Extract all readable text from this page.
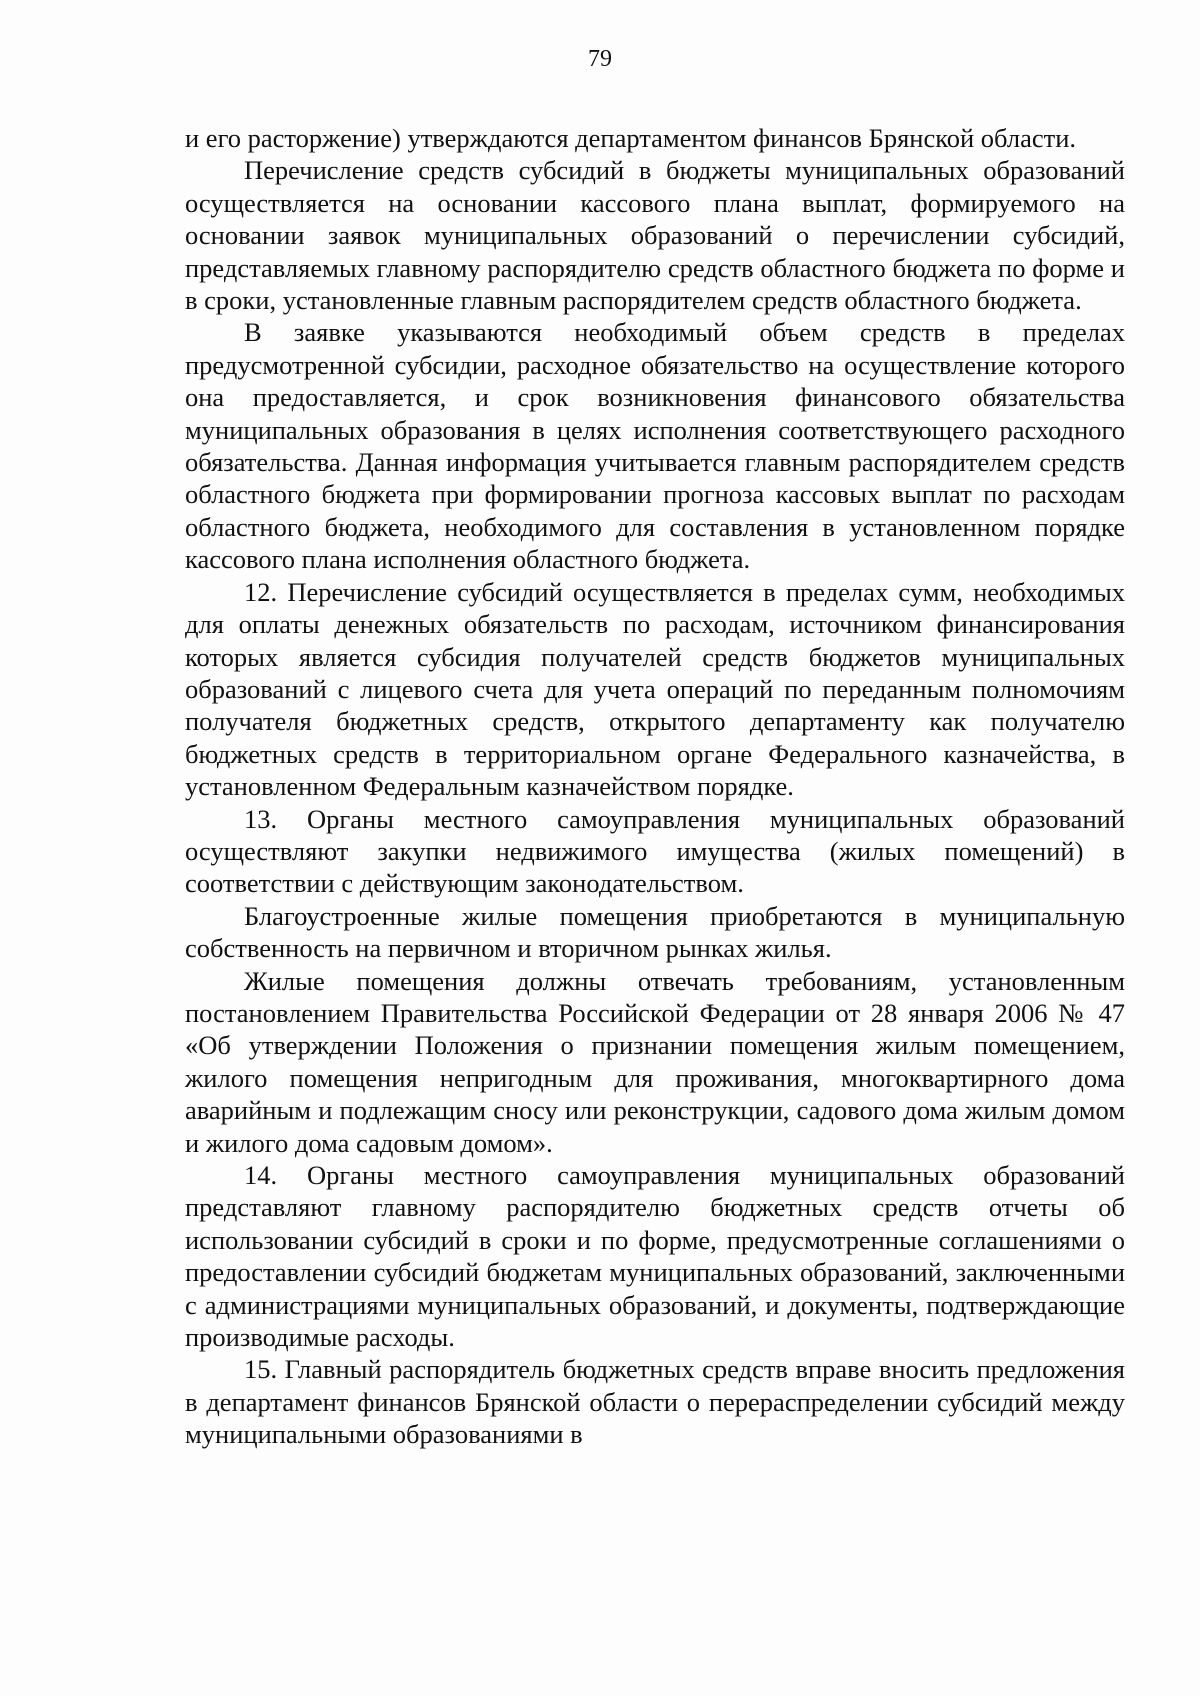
79

и его расторжение) утверждаются департаментом финансов Брянской области.

Перечисление средств субсидий в бюджеты муниципальных образований осуществляется на основании кассового плана выплат, формируемого на основании заявок муниципальных образований о перечислении субсидий, представляемых главному распорядителю средств областного бюджета по форме и в сроки, установленные главным распорядителем средств областного бюджета.

В заявке указываются необходимый объем средств в пределах предусмотренной субсидии, расходное обязательство на осуществление которого она предоставляется, и срок возникновения финансового обязательства муниципальных образования в целях исполнения соответствующего расходного обязательства. Данная информация учитывается главным распорядителем средств областного бюджета при формировании прогноза кассовых выплат по расходам областного бюджета, необходимого для составления в установленном порядке кассового плана исполнения областного бюджета.

12. Перечисление субсидий осуществляется в пределах сумм, необходимых для оплаты денежных обязательств по расходам, источником финансирования которых является субсидия получателей средств бюджетов муниципальных образований с лицевого счета для учета операций по переданным полномочиям получателя бюджетных средств, открытого департаменту как получателю бюджетных средств в территориальном органе Федерального казначейства, в установленном Федеральным казначейством порядке.

13. Органы местного самоуправления муниципальных образований осуществляют закупки недвижимого имущества (жилых помещений) в соответствии с действующим законодательством.

Благоустроенные жилые помещения приобретаются в муниципальную собственность на первичном и вторичном рынках жилья.

Жилые помещения должны отвечать требованиям, установленным постановлением Правительства Российской Федерации от 28 января 2006 № 47 «Об утверждении Положения о признании помещения жилым помещением, жилого помещения непригодным для проживания, многоквартирного дома аварийным и подлежащим сносу или реконструкции, садового дома жилым домом и жилого дома садовым домом».

14. Органы местного самоуправления муниципальных образований представляют главному распорядителю бюджетных средств отчеты об использовании субсидий в сроки и по форме, предусмотренные соглашениями о предоставлении субсидий бюджетам муниципальных образований, заключенными с администрациями муниципальных образований, и документы, подтверждающие производимые расходы.

15. Главный распорядитель бюджетных средств вправе вносить предложения в департамент финансов Брянской области о перераспределении субсидий между муниципальными образованиями в
